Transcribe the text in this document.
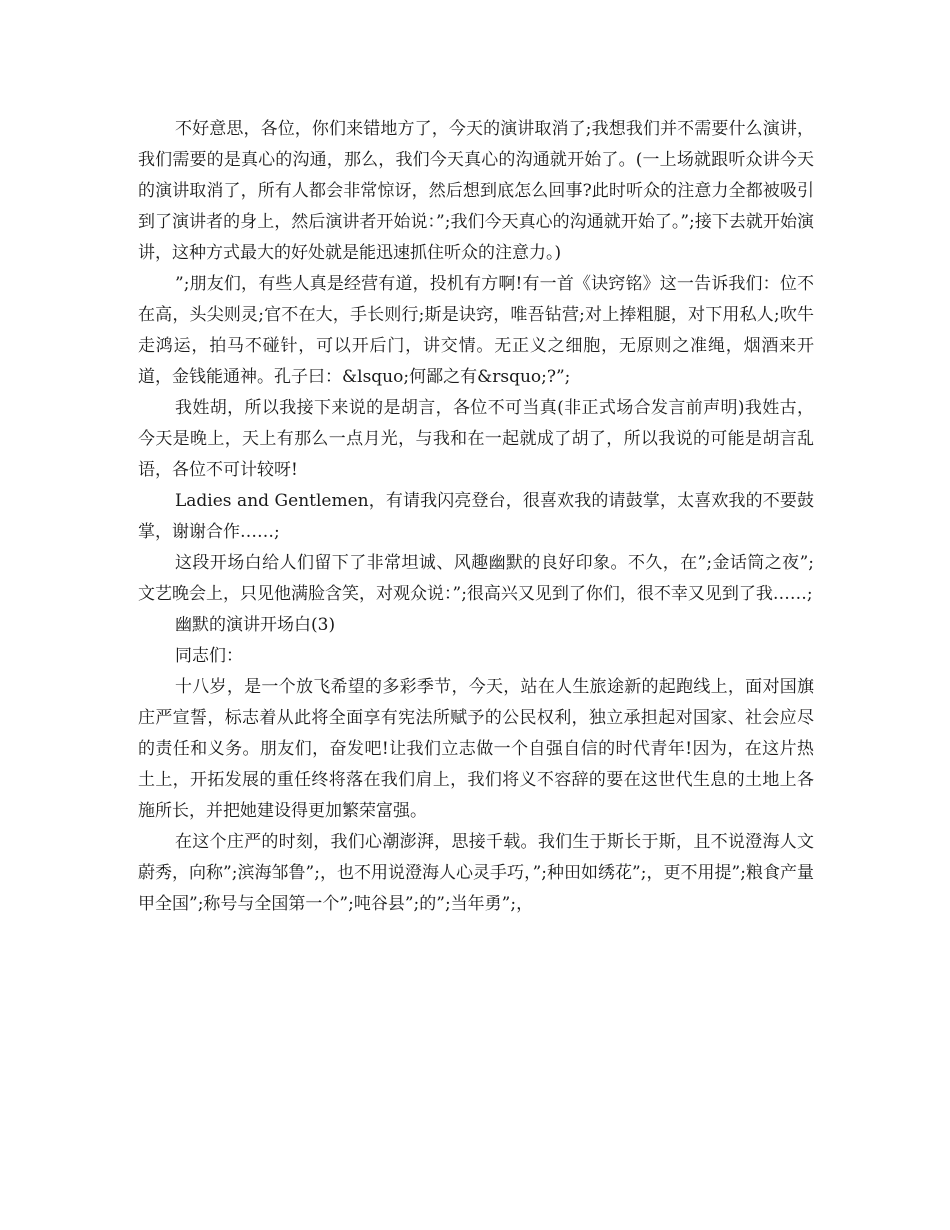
不好意思，各位，你们来错地方了，今天的演讲取消了;我想我们并不需要什么演讲，我们需要的是真心的沟通，那么，我们今天真心的沟通就开始了。(一上场就跟听众讲今天的演讲取消了，所有人都会非常惊讶，然后想到底怎么回事?此时听众的注意力全都被吸引到了演讲者的身上，然后演讲者开始说：”;我们今天真心的沟通就开始了。”;接下去就开始演讲，这种方式最大的好处就是能迅速抓住听众的注意力。)

”;朋友们，有些人真是经营有道，投机有方啊!有一首《诀窍铭》这一告诉我们：位不在高，头尖则灵;官不在大，手长则行;斯是诀窍，唯吾钻营;对上捧粗腿，对下用私人;吹牛走鸿运，拍马不碰针，可以开后门，讲交情。无正义之细胞，无原则之准绳，烟酒来开道，金钱能通神。孔子曰：&lsquo;何鄙之有&rsquo;?”;

我姓胡，所以我接下来说的是胡言，各位不可当真(非正式场合发言前声明)我姓古，今天是晚上，天上有那么一点月光，与我和在一起就成了胡了，所以我说的可能是胡言乱语，各位不可计较呀!

Ladies and Gentlemen，有请我闪亮登台，很喜欢我的请鼓掌，太喜欢我的不要鼓掌，谢谢合作……;

这段开场白给人们留下了非常坦诚、风趣幽默的良好印象。不久，在”;金话筒之夜”;文艺晚会上，只见他满脸含笑，对观众说：”;很高兴又见到了你们，很不幸又见到了我……;

幽默的演讲开场白(3)

同志们：

十八岁，是一个放飞希望的多彩季节，今天，站在人生旅途新的起跑线上，面对国旗庄严宣誓，标志着从此将全面享有宪法所赋予的公民权利，独立承担起对国家、社会应尽的责任和义务。朋友们，奋发吧!让我们立志做一个自强自信的时代青年!因为，在这片热土上，开拓发展的重任终将落在我们肩上，我们将义不容辞的要在这世代生息的土地上各施所长，并把她建设得更加繁荣富强。

在这个庄严的时刻，我们心潮澎湃，思接千载。我们生于斯长于斯，且不说澄海人文蔚秀，向称”;滨海邹鲁”;，也不用说澄海人心灵手巧，”;种田如绣花”;，更不用提”;粮食产量甲全国”;称号与全国第一个”;吨谷县”;的”;当年勇”;，
